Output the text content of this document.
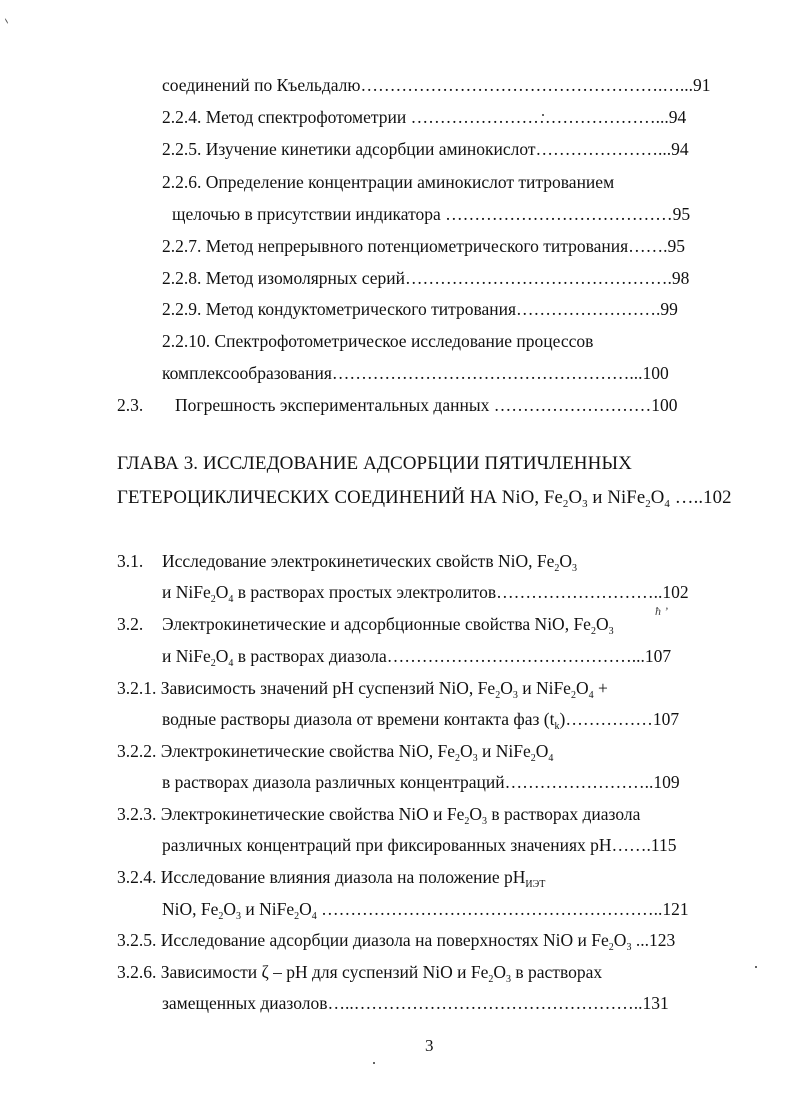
ħ ’
соединений по Къельдалю…………………………………………….…...91
2.2.4. Метод спектрофотометрии ……………………………………...94
2.2.5. Изучение кинетики адсорбции аминокислот…………………...94
2.2.6. Определение концентрации аминокислот титрованием
щелочью в присутствии индикатора …………………………………95
2.2.7. Метод непрерывного потенциометрического титрования…….95
2.2.8. Метод изомолярных серий……………………………………….98
2.2.9. Метод кондуктометрического титрования…………………….99
2.2.10. Спектрофотометрическое исследование процессов
комплексообразования……………………………………………...100
2.3. Погрешность экспериментальных данных ………………………100
ГЛАВА 3. ИССЛЕДОВАНИЕ АДСОРБЦИИ ПЯТИЧЛЕННЫХ
ГЕТЕРОЦИКЛИЧЕСКИХ СОЕДИНЕНИЙ НА NiO, $Fe_2O_3$ и $NiFe_2O_4$ …..102
3.1. Исследование электрокинетических свойств NiO, $Fe_2O_3$
и $NiFe_2O_4$ в растворах простых электролитов………………………..102
3.2. Электрокинетические и адсорбционные свойства NiO, $Fe_2O_3$
и $NiFe_2O_4$ в растворах диазола……………………………………...107
3.2.1. Зависимость значений pH суспензий NiO, $Fe_2O_3$ и $NiFe_2O_4$ +
водные растворы диазола от времени контакта фаз $(t_k)\dots\dots\dots\dots\dots 107$
3.2.2. Электрокинетические свойства NiO, $Fe_2O_3$ и $NiFe_2O_4$
в растворах диазола различных концентраций……………………..109
3.2.3. Электрокинетические свойства NiO и $Fe_2O_3$ в растворах диазола
различных концентраций при фиксированных значениях pH…….115
3.2.4. Исследование влияния диазола на положение $pH_{ИЭТ}$
NiO, $Fe_2O_3$ и $NiFe_2O_4$ …………………………………………………..121
3.2.5. Исследование адсорбции диазола на поверхностях NiO и $Fe_2O_3$ ...123
3.2.6. Зависимости ζ – pH для суспензий NiO и $Fe_2O_3$ в растворах
замещенных диазолов…..…………………………………………..131
3
